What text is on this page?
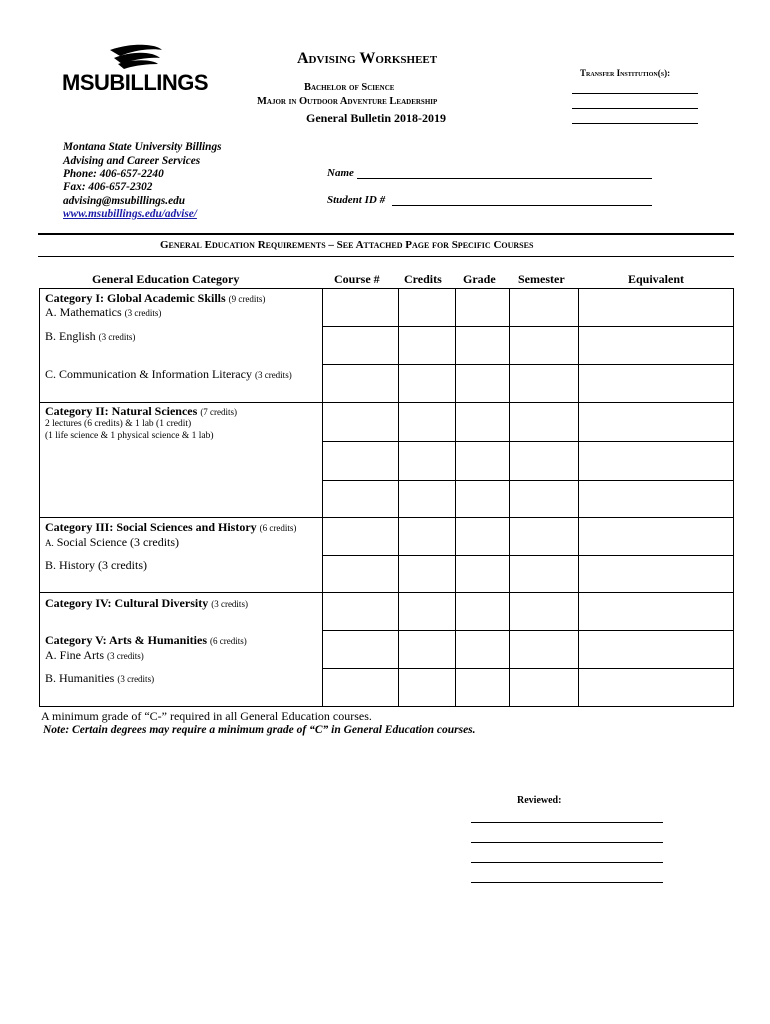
MSUBILLINGS
Advising Worksheet
Bachelor of Science
Major in Outdoor Adventure Leadership
General Bulletin 2018-2019
Transfer Institution(s):
Montana State University Billings
Advising and Career Services
Phone: 406-657-2240
Fax: 406-657-2302
advising@msubillings.edu
www.msubillings.edu/advise/
Name
Student ID #
General Education Requirements – See Attached Page for Specific Courses
General Education Category	Course # Credits Grade Semester	Equivalent
Category I: Global Academic Skills (9 credits)
A. Mathematics (3 credits)
B. English (3 credits)
C. Communication & Information Literacy (3 credits)
Category II: Natural Sciences (7 credits)
2 lectures (6 credits) & 1 lab (1 credit)
(1 life science & 1 physical science & 1 lab)
Category III: Social Sciences and History (6 credits)
A. Social Science (3 credits)
B. History (3 credits)
Category IV: Cultural Diversity (3 credits)
Category V: Arts & Humanities (6 credits)
A. Fine Arts (3 credits)
B. Humanities (3 credits)
A minimum grade of “C-” required in all General Education courses.
Note: Certain degrees may require a minimum grade of “C” in General Education courses.
Reviewed:
